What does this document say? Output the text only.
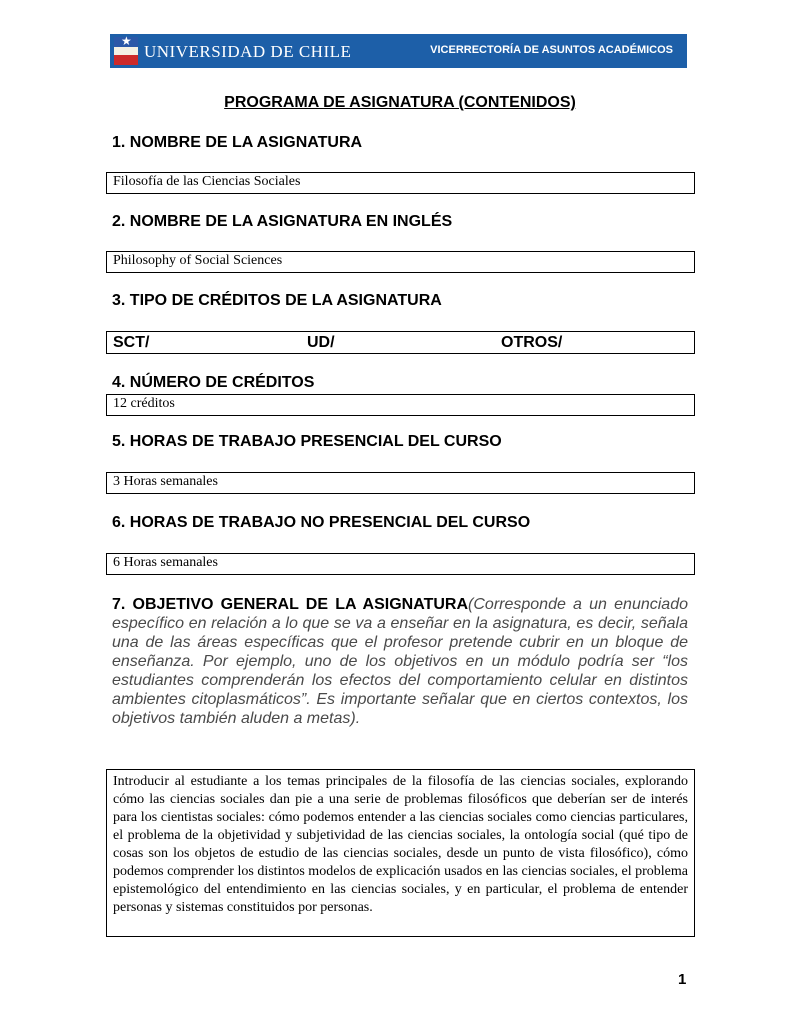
★
UNIVERSIDAD DE CHILE	VICERRECTORÍA DE ASUNTOS ACADÉMICOS
PROGRAMA DE ASIGNATURA (CONTENIDOS)
1. NOMBRE DE LA ASIGNATURA
Filosofía de las Ciencias Sociales
2. NOMBRE DE LA ASIGNATURA EN INGLÉS
Philosophy of Social Sciences
3. TIPO DE CRÉDITOS DE LA ASIGNATURA
SCT/	UD/	OTROS/
4. NÚMERO DE CRÉDITOS
12 créditos
5. HORAS DE TRABAJO PRESENCIAL DEL CURSO
3 Horas semanales
6. HORAS DE TRABAJO NO PRESENCIAL DEL CURSO
6 Horas semanales
7. OBJETIVO GENERAL DE LA ASIGNATURA(Corresponde a un enunciado específico en relación a lo que se va a enseñar en la asignatura, es decir, señala una de las áreas específicas que el profesor pretende cubrir en un bloque de enseñanza. Por ejemplo, uno de los objetivos en un módulo podría ser “los estudiantes comprenderán los efectos del comportamiento celular en distintos ambientes citoplasmáticos”. Es importante señalar que en ciertos contextos, los objetivos también aluden a metas).
Introducir al estudiante a los temas principales de la filosofía de las ciencias sociales, explorando cómo las ciencias sociales dan pie a una serie de problemas filosóficos que deberían ser de interés para los cientistas sociales: cómo podemos entender a las ciencias sociales como ciencias particulares, el problema de la objetividad y subjetividad de las ciencias sociales, la ontología social (qué tipo de cosas son los objetos de estudio de las ciencias sociales, desde un punto de vista filosófico), cómo podemos comprender los distintos modelos de explicación usados en las ciencias sociales, el problema epistemológico del entendimiento en las ciencias sociales, y en particular, el problema de entender personas y sistemas constituidos por personas.
1
